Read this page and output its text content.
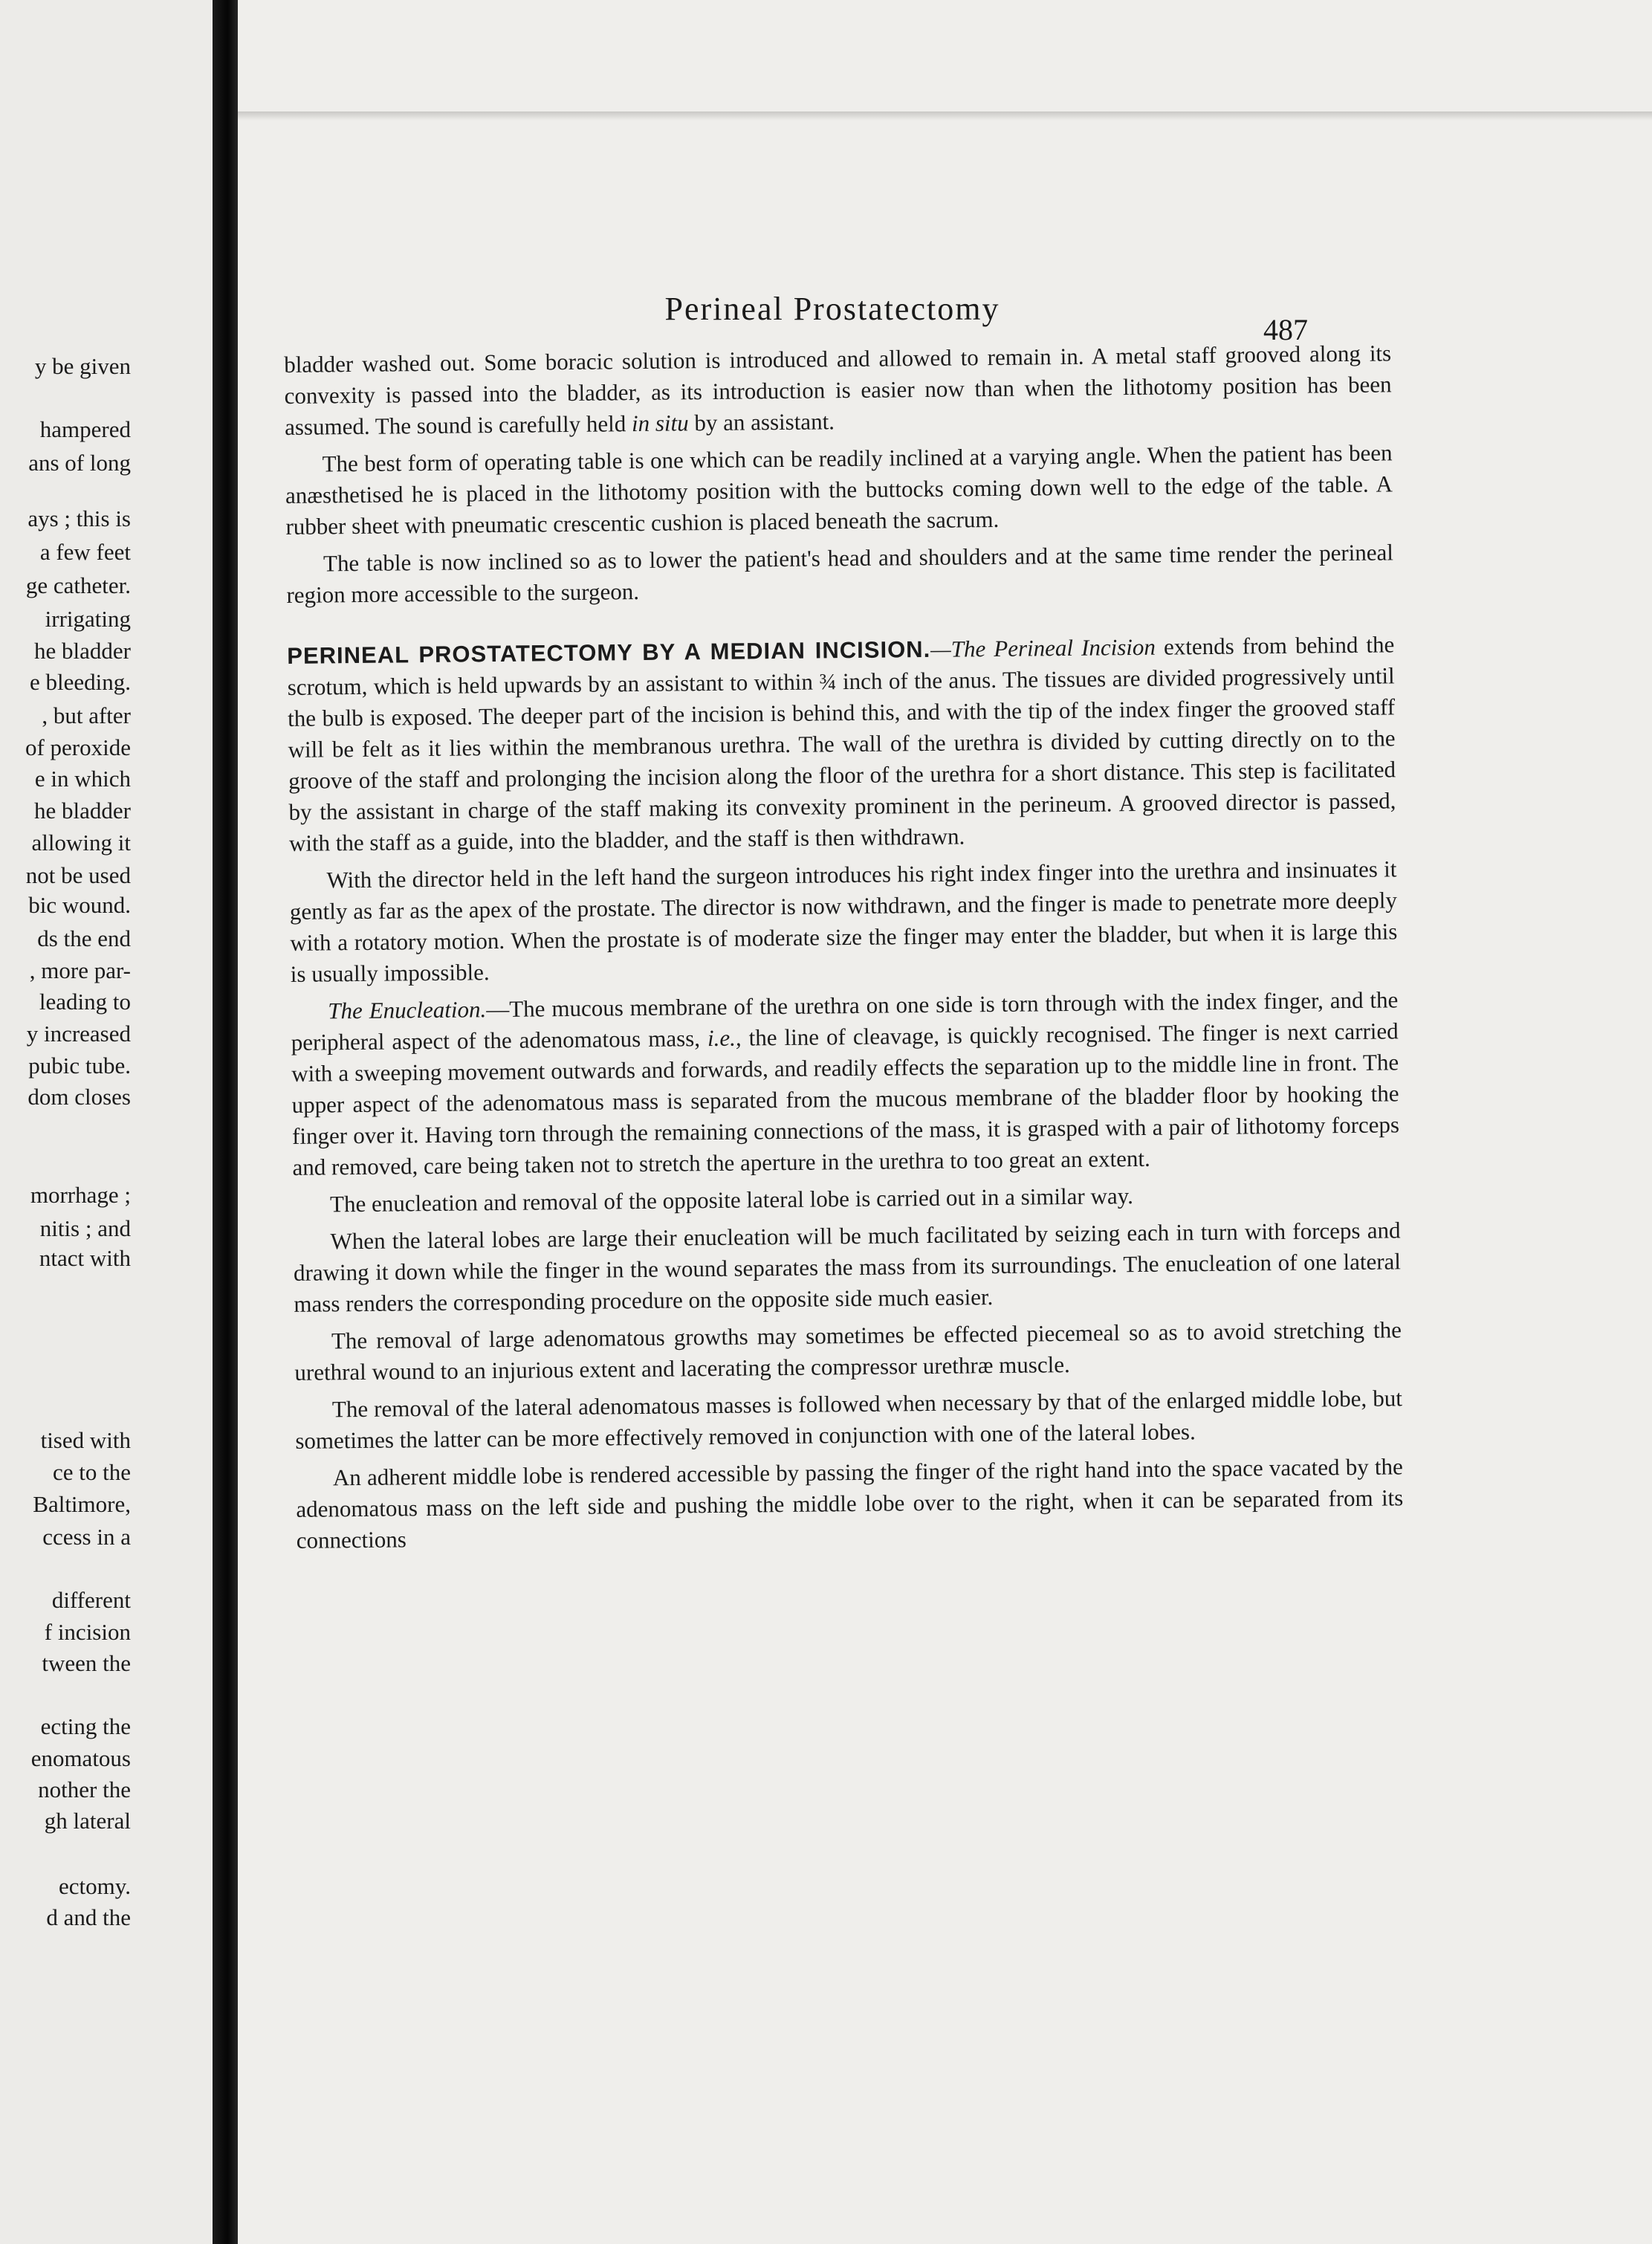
y be given
hampered
ans of long
ays ; this is
a few feet
ge catheter.
irrigating
he bladder
e bleeding.
, but after
of peroxide
e in which
he bladder
allowing it
not be used
bic wound.
ds the end
, more par-
leading to
y increased
pubic tube.
dom closes
morrhage ;
nitis ; and
ntact with
tised with
ce to the
Baltimore,
ccess in a
different
f incision
tween the
ecting the
enomatous
nother the
gh lateral
ectomy.
d and the
Perineal Prostatectomy
487

bladder washed out. Some boracic solution is introduced and allowed to remain in. A metal staff grooved along its convexity is passed into the bladder, as its introduction is easier now than when the lithotomy position has been assumed. The sound is carefully held in situ by an assistant.

The best form of operating table is one which can be readily inclined at a varying angle. When the patient has been anæsthetised he is placed in the lithotomy position with the buttocks coming down well to the edge of the table. A rubber sheet with pneumatic crescentic cushion is placed beneath the sacrum.

The table is now inclined so as to lower the patient's head and shoulders and at the same time render the perineal region more accessible to the surgeon.

PERINEAL PROSTATECTOMY BY A MEDIAN INCISION.—The Perineal Incision extends from behind the scrotum, which is held upwards by an assistant to within ¾ inch of the anus. The tissues are divided progressively until the bulb is exposed. The deeper part of the incision is behind this, and with the tip of the index finger the grooved staff will be felt as it lies within the membranous urethra. The wall of the urethra is divided by cutting directly on to the groove of the staff and prolonging the incision along the floor of the urethra for a short distance. This step is facilitated by the assistant in charge of the staff making its convexity prominent in the perineum. A grooved director is passed, with the staff as a guide, into the bladder, and the staff is then withdrawn.

With the director held in the left hand the surgeon introduces his right index finger into the urethra and insinuates it gently as far as the apex of the prostate. The director is now withdrawn, and the finger is made to penetrate more deeply with a rotatory motion. When the prostate is of moderate size the finger may enter the bladder, but when it is large this is usually impossible.

The Enucleation.—The mucous membrane of the urethra on one side is torn through with the index finger, and the peripheral aspect of the adenomatous mass, i.e., the line of cleavage, is quickly recognised. The finger is next carried with a sweeping movement outwards and forwards, and readily effects the separation up to the middle line in front. The upper aspect of the adenomatous mass is separated from the mucous membrane of the bladder floor by hooking the finger over it. Having torn through the remaining connections of the mass, it is grasped with a pair of lithotomy forceps and removed, care being taken not to stretch the aperture in the urethra to too great an extent.

The enucleation and removal of the opposite lateral lobe is carried out in a similar way.

When the lateral lobes are large their enucleation will be much facilitated by seizing each in turn with forceps and drawing it down while the finger in the wound separates the mass from its surroundings. The enucleation of one lateral mass renders the corresponding procedure on the opposite side much easier.

The removal of large adenomatous growths may sometimes be effected piecemeal so as to avoid stretching the urethral wound to an injurious extent and lacerating the compressor urethræ muscle.

The removal of the lateral adenomatous masses is followed when necessary by that of the enlarged middle lobe, but sometimes the latter can be more effectively removed in conjunction with one of the lateral lobes.

An adherent middle lobe is rendered accessible by passing the finger of the right hand into the space vacated by the adenomatous mass on the left side and pushing the middle lobe over to the right, when it can be separated from its connections
